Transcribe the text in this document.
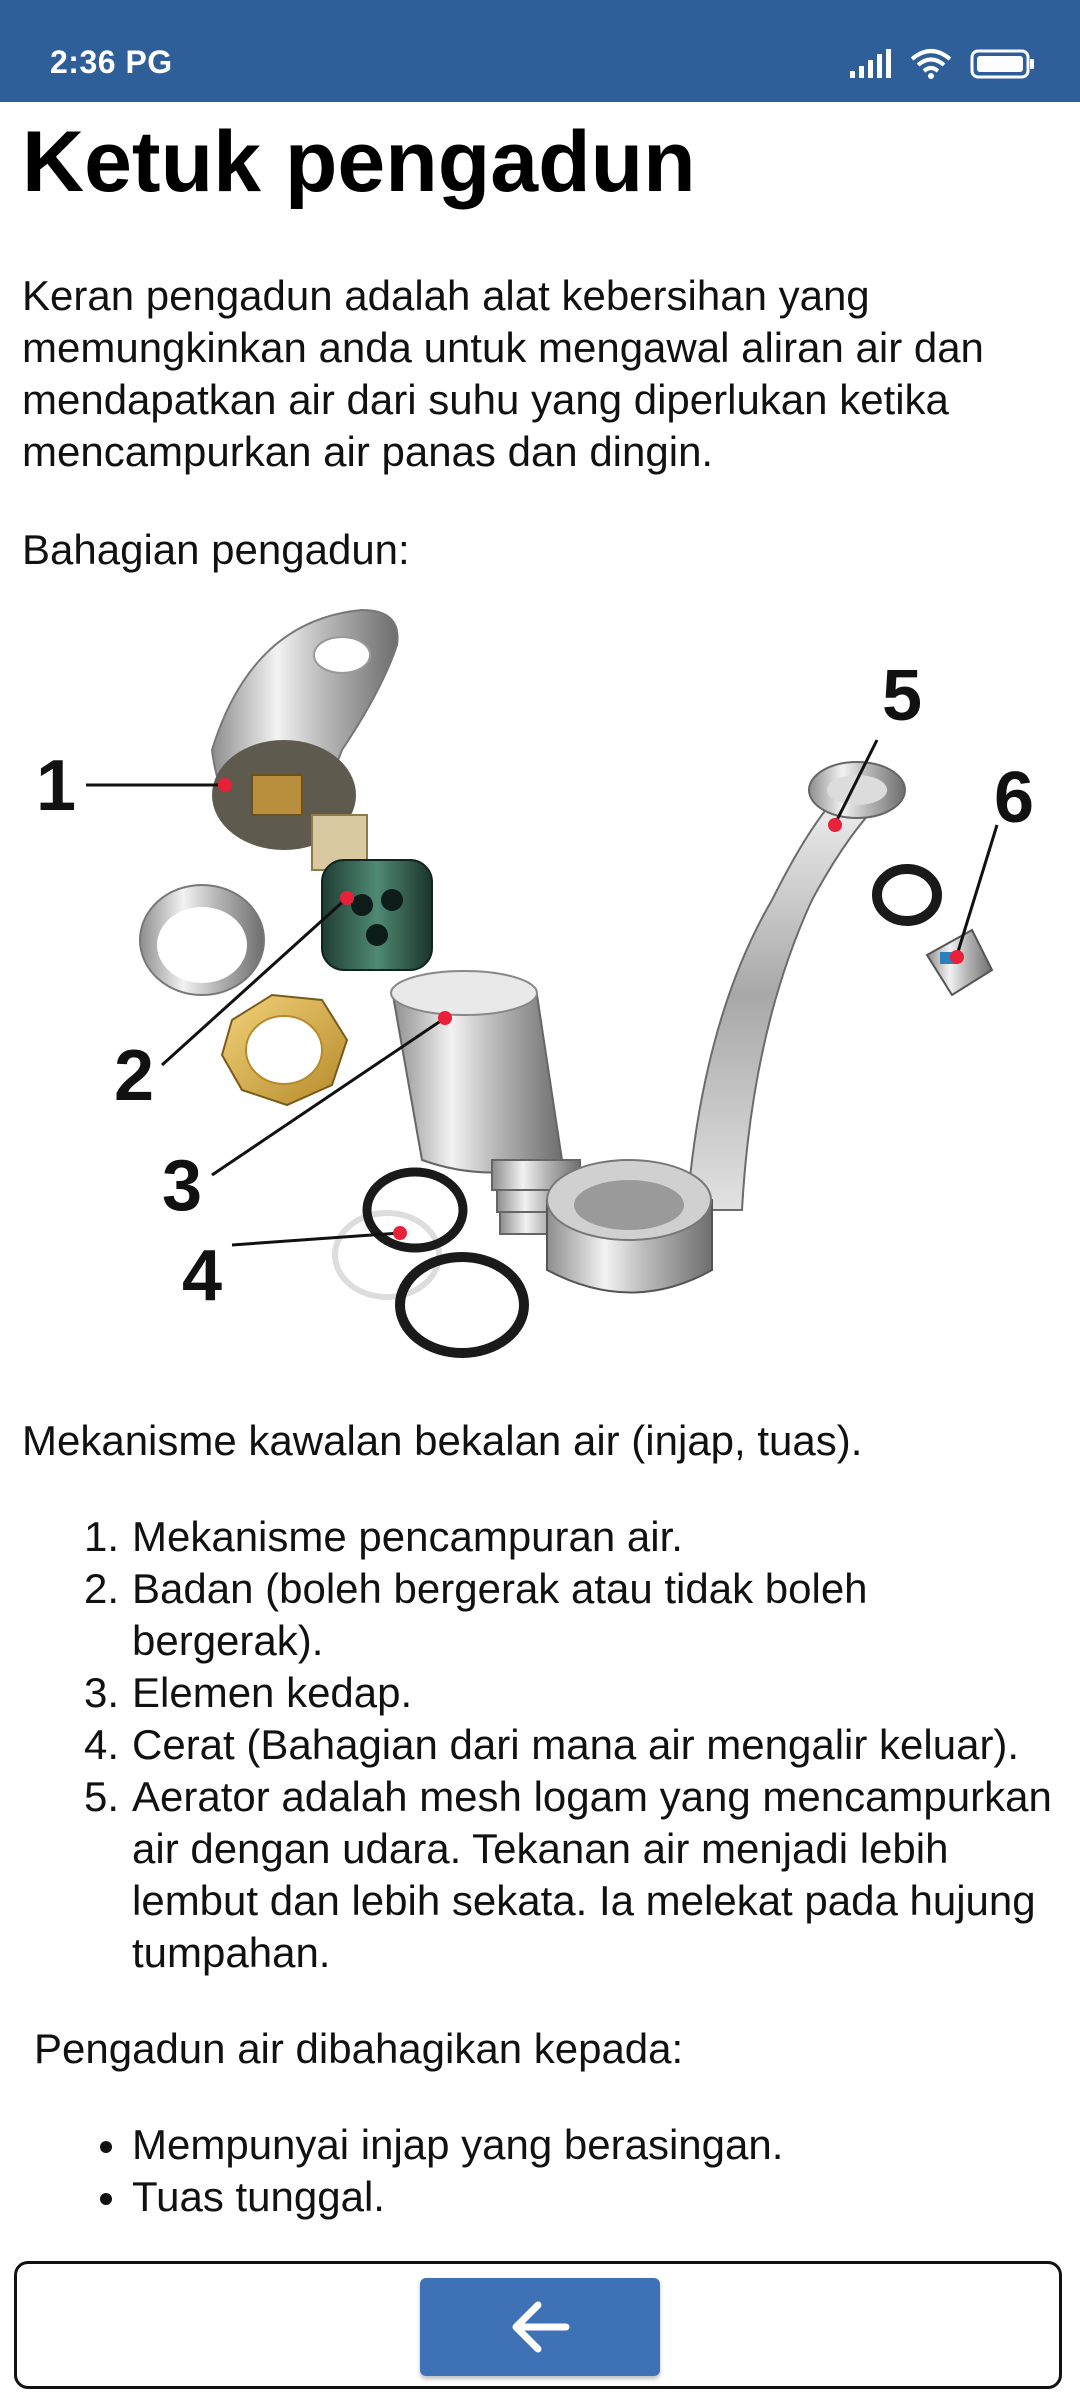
2:36 PG
Ketuk pengadun

Keran pengadun adalah alat kebersihan yang memungkinkan anda untuk mengawal aliran air dan mendapatkan air dari suhu yang diperlukan ketika mencampurkan air panas dan dingin.

Bahagian pengadun:

1
2
3
4
5
6

Mekanisme kawalan bekalan air (injap, tuas).

1. Mekanisme pencampuran air.
2. Badan (boleh bergerak atau tidak boleh bergerak).
3. Elemen kedap.
4. Cerat (Bahagian dari mana air mengalir keluar).
5. Aerator adalah mesh logam yang mencampurkan air dengan udara. Tekanan air menjadi lebih lembut dan lebih sekata. Ia melekat pada hujung tumpahan.

Pengadun air dibahagikan kepada:

Mempunyai injap yang berasingan.
Tuas tunggal.
